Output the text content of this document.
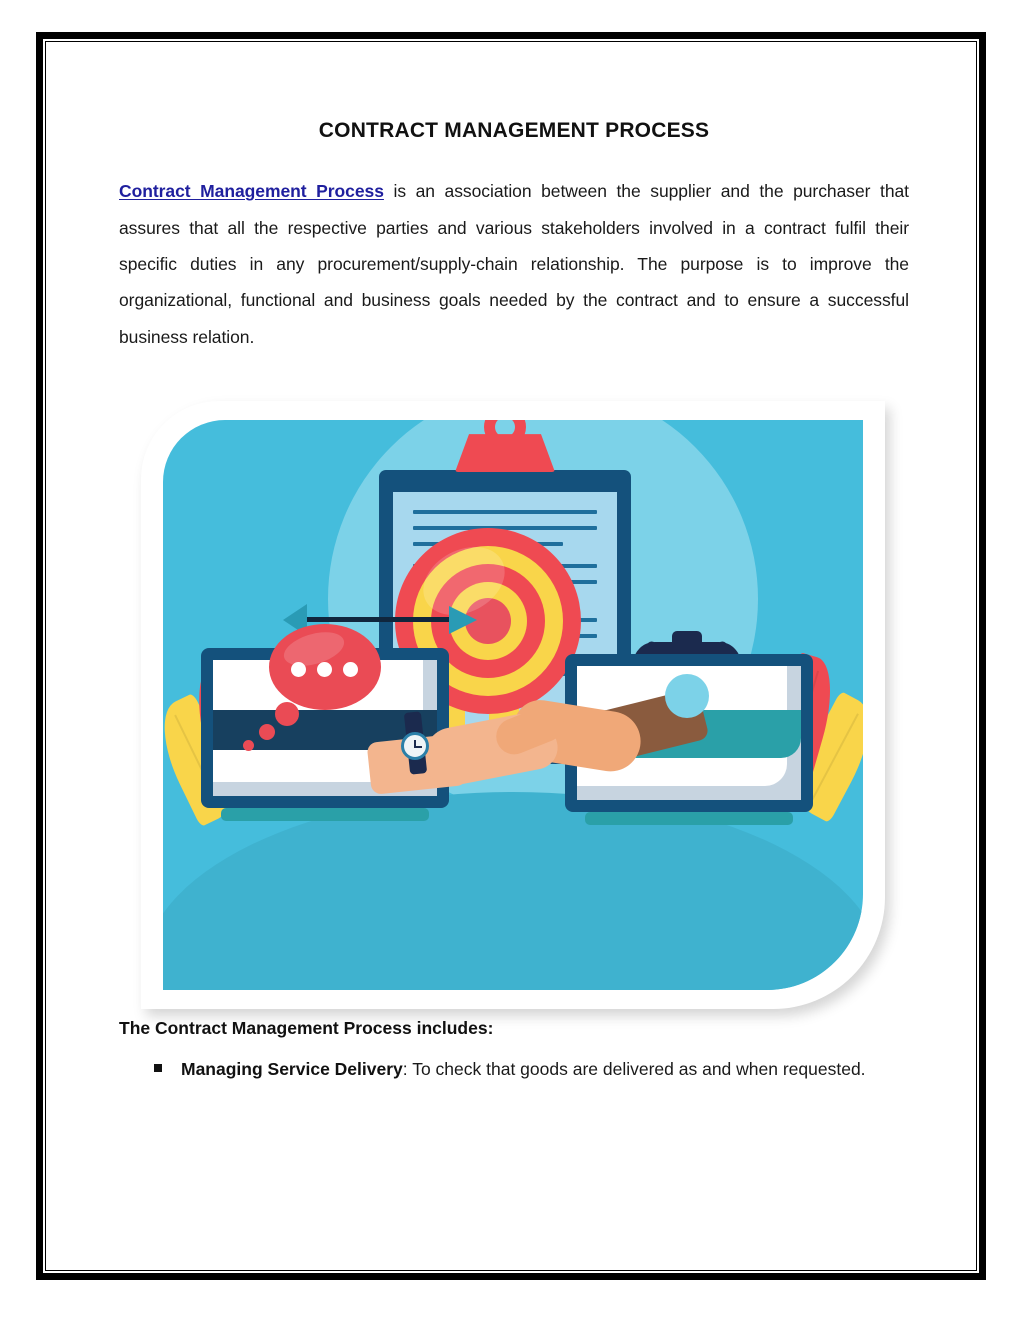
CONTRACT MANAGEMENT PROCESS

Contract Management Process is an association between the supplier and the purchaser that assures that all the respective parties and various stakeholders involved in a contract fulfil their specific duties in any procurement/supply-chain relationship. The purpose is to improve the organizational, functional and business goals needed by the contract and to ensure a successful business relation.

The Contract Management Process includes:

Managing Service Delivery: To check that goods are delivered as and when requested.
